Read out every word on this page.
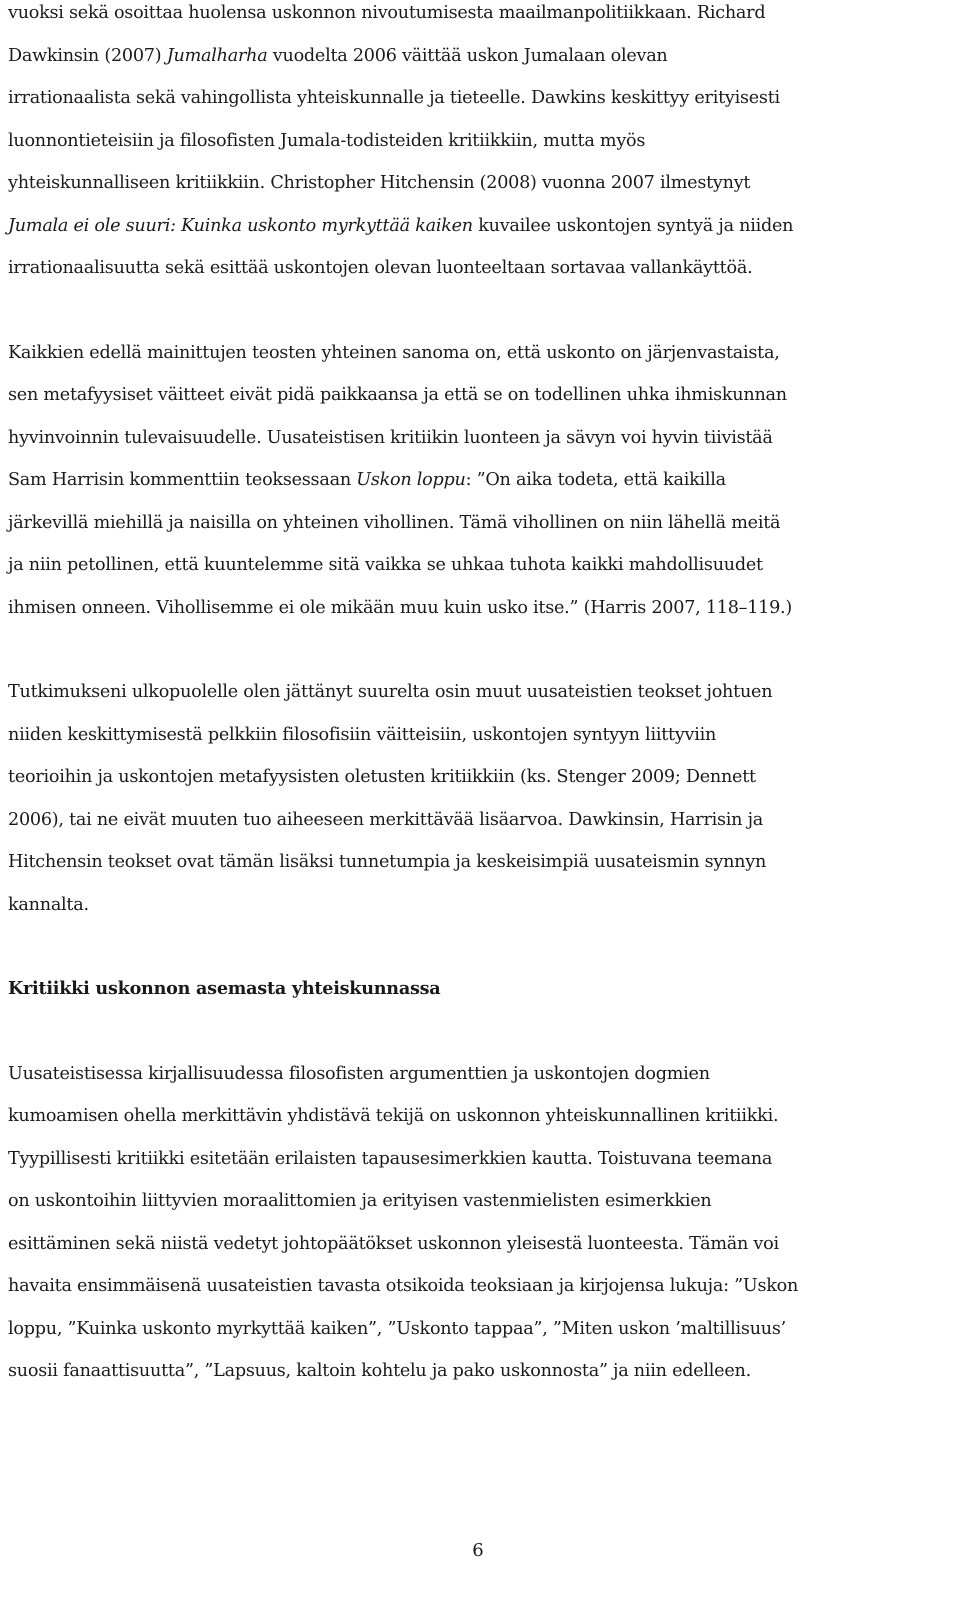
vuoksi sekä osoittaa huolensa uskonnon nivoutumisesta maailmanpolitiikkaan. Richard
Dawkinsin (2007) Jumalharha vuodelta 2006 väittää uskon Jumalaan olevan
irrationaalista sekä vahingollista yhteiskunnalle ja tieteelle. Dawkins keskittyy erityisesti
luonnontieteisiin ja filosofisten Jumala-todisteiden kritiikkiin, mutta myös
yhteiskunnalliseen kritiikkiin. Christopher Hitchensin (2008) vuonna 2007 ilmestynyt
Jumala ei ole suuri: Kuinka uskonto myrkyttää kaiken kuvailee uskontojen syntyä ja niiden
irrationaalisuutta sekä esittää uskontojen olevan luonteeltaan sortavaa vallankäyttöä.

Kaikkien edellä mainittujen teosten yhteinen sanoma on, että uskonto on järjenvastaista,
sen metafyysiset väitteet eivät pidä paikkaansa ja että se on todellinen uhka ihmiskunnan
hyvinvoinnin tulevaisuudelle. Uusateistisen kritiikin luonteen ja sävyn voi hyvin tiivistää
Sam Harrisin kommenttiin teoksessaan Uskon loppu: ”On aika todeta, että kaikilla
järkevillä miehillä ja naisilla on yhteinen vihollinen. Tämä vihollinen on niin lähellä meitä
ja niin petollinen, että kuuntelemme sitä vaikka se uhkaa tuhota kaikki mahdollisuudet
ihmisen onneen. Vihollisemme ei ole mikään muu kuin usko itse.” (Harris 2007, 118–119.)

Tutkimukseni ulkopuolelle olen jättänyt suurelta osin muut uusateistien teokset johtuen
niiden keskittymisestä pelkkiin filosofisiin väitteisiin, uskontojen syntyyn liittyviin
teorioihin ja uskontojen metafyysisten oletusten kritiikkiin (ks. Stenger 2009; Dennett
2006), tai ne eivät muuten tuo aiheeseen merkittävää lisäarvoa. Dawkinsin, Harrisin ja
Hitchensin teokset ovat tämän lisäksi tunnetumpia ja keskeisimpiä uusateismin synnyn
kannalta.

Kritiikki uskonnon asemasta yhteiskunnassa

Uusateistisessa kirjallisuudessa filosofisten argumenttien ja uskontojen dogmien
kumoamisen ohella merkittävin yhdistävä tekijä on uskonnon yhteiskunnallinen kritiikki.
Tyypillisesti kritiikki esitetään erilaisten tapausesimerkkien kautta. Toistuvana teemana
on uskontoihin liittyvien moraalittomien ja erityisen vastenmielisten esimerkkien
esittäminen sekä niistä vedetyt johtopäätökset uskonnon yleisestä luonteesta. Tämän voi
havaita ensimmäisenä uusateistien tavasta otsikoida teoksiaan ja kirjojensa lukuja: ”Uskon
loppu, ”Kuinka uskonto myrkyttää kaiken”, ”Uskonto tappaa”, ”Miten uskon ’maltillisuus’
suosii fanaattisuutta”, ”Lapsuus, kaltoin kohtelu ja pako uskonnosta” ja niin edelleen.

6
